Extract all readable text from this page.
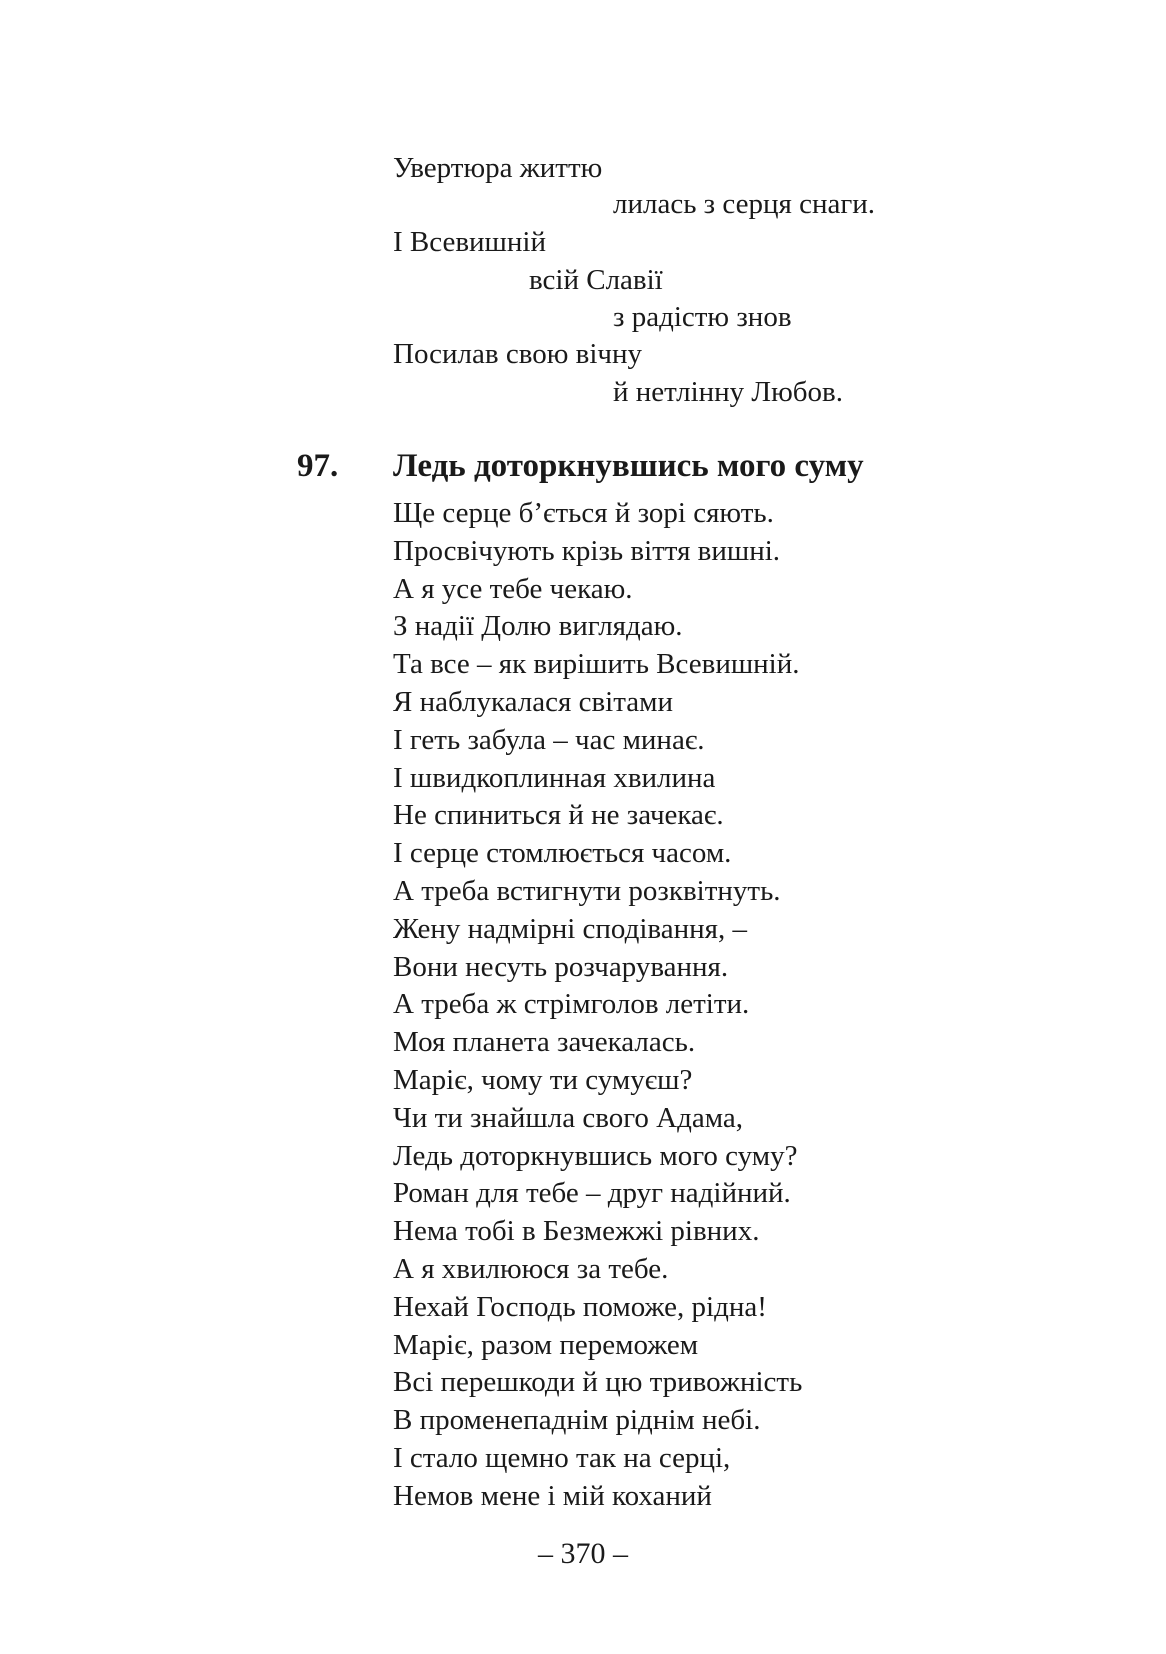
Увертюра життю
лилась з серця снаги.
І Всевишній
всій Славії
з радістю знов
Посилав свою вічну
й нетлінну Любов.
97. Ледь доторкнувшись мого суму
Ще серце б’ється й зорі сяють.
Просвічують крізь віття вишні.
А я усе тебе чекаю.
З надії Долю виглядаю.
Та все – як вирішить Всевишній.
Я наблукалася світами
І геть забула – час минає.
І швидкоплинная хвилина
Не спиниться й не зачекає.
І серце стомлюється часом.
А треба встигнути розквітнуть.
Жену надмірні сподівання, –
Вони несуть розчарування.
А треба ж стрімголов летіти.
Моя планета зачекалась.
Маріє, чому ти сумуєш?
Чи ти знайшла свого Адама,
Ледь доторкнувшись мого суму?
Роман для тебе – друг надійний.
Нема тобі в Безмежжі рівних.
А я хвилююся за тебе.
Нехай Господь поможе, рідна!
Маріє, разом переможем
Всі перешкоди й цю тривожність
В променепаднім ріднім небі.
І стало щемно так на серці,
Немов мене і мій коханий
– 370 –
